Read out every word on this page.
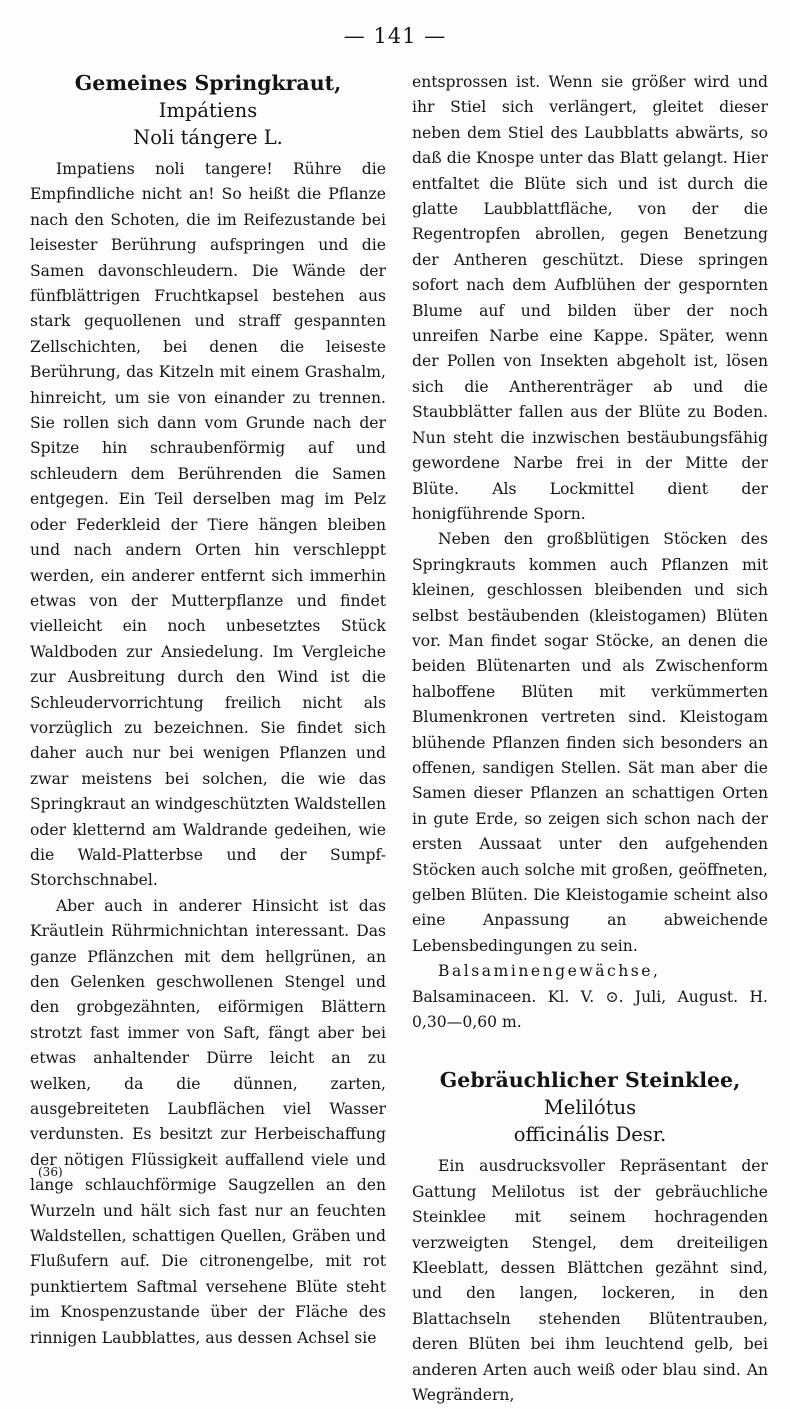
— 141 —
Gemeines Springkraut, Impátiens
Noli tángere L.

Impatiens noli tangere! Rühre die Empfindliche nicht an! So heißt die Pflanze nach den Schoten, die im Reifezustande bei leisester Berührung aufspringen und die Samen davonschleudern. Die Wände der fünfblättrigen Fruchtkapsel bestehen aus stark gequollenen und straff gespannten Zellschichten, bei denen die leiseste Berührung, das Kitzeln mit einem Grashalm, hinreicht, um sie von einander zu trennen. Sie rollen sich dann vom Grunde nach der Spitze hin schraubenförmig auf und schleudern dem Berührenden die Samen entgegen. Ein Teil derselben mag im Pelz oder Federkleid der Tiere hängen bleiben und nach andern Orten hin verschleppt werden, ein anderer entfernt sich immerhin etwas von der Mutterpflanze und findet vielleicht ein noch unbesetztes Stück Waldboden zur Ansiedelung. Im Vergleiche zur Ausbreitung durch den Wind ist die Schleudervorrichtung freilich nicht als vorzüglich zu bezeichnen. Sie findet sich daher auch nur bei wenigen Pflanzen und zwar meistens bei solchen, die wie das Springkraut an windgeschützten Waldstellen oder kletternd am Waldrande gedeihen, wie die Wald-Platterbse und der Sumpf-Storchschnabel.

Aber auch in anderer Hinsicht ist das Kräutlein Rührmichnichtan interessant. Das ganze Pflänzchen mit dem hellgrünen, an den Gelenken geschwollenen Stengel und den grobgezähnten, eiförmigen Blättern strotzt fast immer von Saft, fängt aber bei etwas anhaltender Dürre leicht an zu welken, da die dünnen, zarten, ausgebreiteten Laubflächen viel Wasser verdunsten. Es besitzt zur Herbeischaffung der nötigen Flüssigkeit auffallend viele und lange schlauchförmige Saugzellen an den Wurzeln und hält sich fast nur an feuchten Waldstellen, schattigen Quellen, Gräben und Flußufern auf. Die citronengelbe, mit rot punktiertem Saftmal versehene Blüte steht im Knospenzustande über der Fläche des rinnigen Laubblattes, aus dessen Achsel sie

entsprossen ist. Wenn sie größer wird und ihr Stiel sich verlängert, gleitet dieser neben dem Stiel des Laubblatts abwärts, so daß die Knospe unter das Blatt gelangt. Hier entfaltet die Blüte sich und ist durch die glatte Laubblattfläche, von der die Regentropfen abrollen, gegen Benetzung der Antheren geschützt. Diese springen sofort nach dem Aufblühen der gespornten Blume auf und bilden über der noch unreifen Narbe eine Kappe. Später, wenn der Pollen von Insekten abgeholt ist, lösen sich die Antherenträger ab und die Staubblätter fallen aus der Blüte zu Boden. Nun steht die inzwischen bestäubungsfähig gewordene Narbe frei in der Mitte der Blüte. Als Lockmittel dient der honigführende Sporn.

Neben den großblütigen Stöcken des Springkrauts kommen auch Pflanzen mit kleinen, geschlossen bleibenden und sich selbst bestäubenden (kleistogamen) Blüten vor. Man findet sogar Stöcke, an denen die beiden Blütenarten und als Zwischenform halboffene Blüten mit verkümmerten Blumenkronen vertreten sind. Kleistogam blühende Pflanzen finden sich besonders an offenen, sandigen Stellen. Sät man aber die Samen dieser Pflanzen an schattigen Orten in gute Erde, so zeigen sich schon nach der ersten Aussaat unter den aufgehenden Stöcken auch solche mit großen, geöffneten, gelben Blüten. Die Kleistogamie scheint also eine Anpassung an abweichende Lebensbedingungen zu sein.

Balsaminengewächse, Balsaminaceen. Kl. V. ⊙. Juli, August. H. 0,30—0,60 m.

Gebräuchlicher Steinklee, Melilótus
officinális Desr.

Ein ausdrucksvoller Repräsentant der Gattung Melilotus ist der gebräuchliche Steinklee mit seinem hochragenden verzweigten Stengel, dem dreiteiligen Kleeblatt, dessen Blättchen gezähnt sind, und den langen, lockeren, in den Blattachseln stehenden Blütentrauben, deren Blüten bei ihm leuchtend gelb, bei anderen Arten auch weiß oder blau sind. An Wegrändern,

(36)
